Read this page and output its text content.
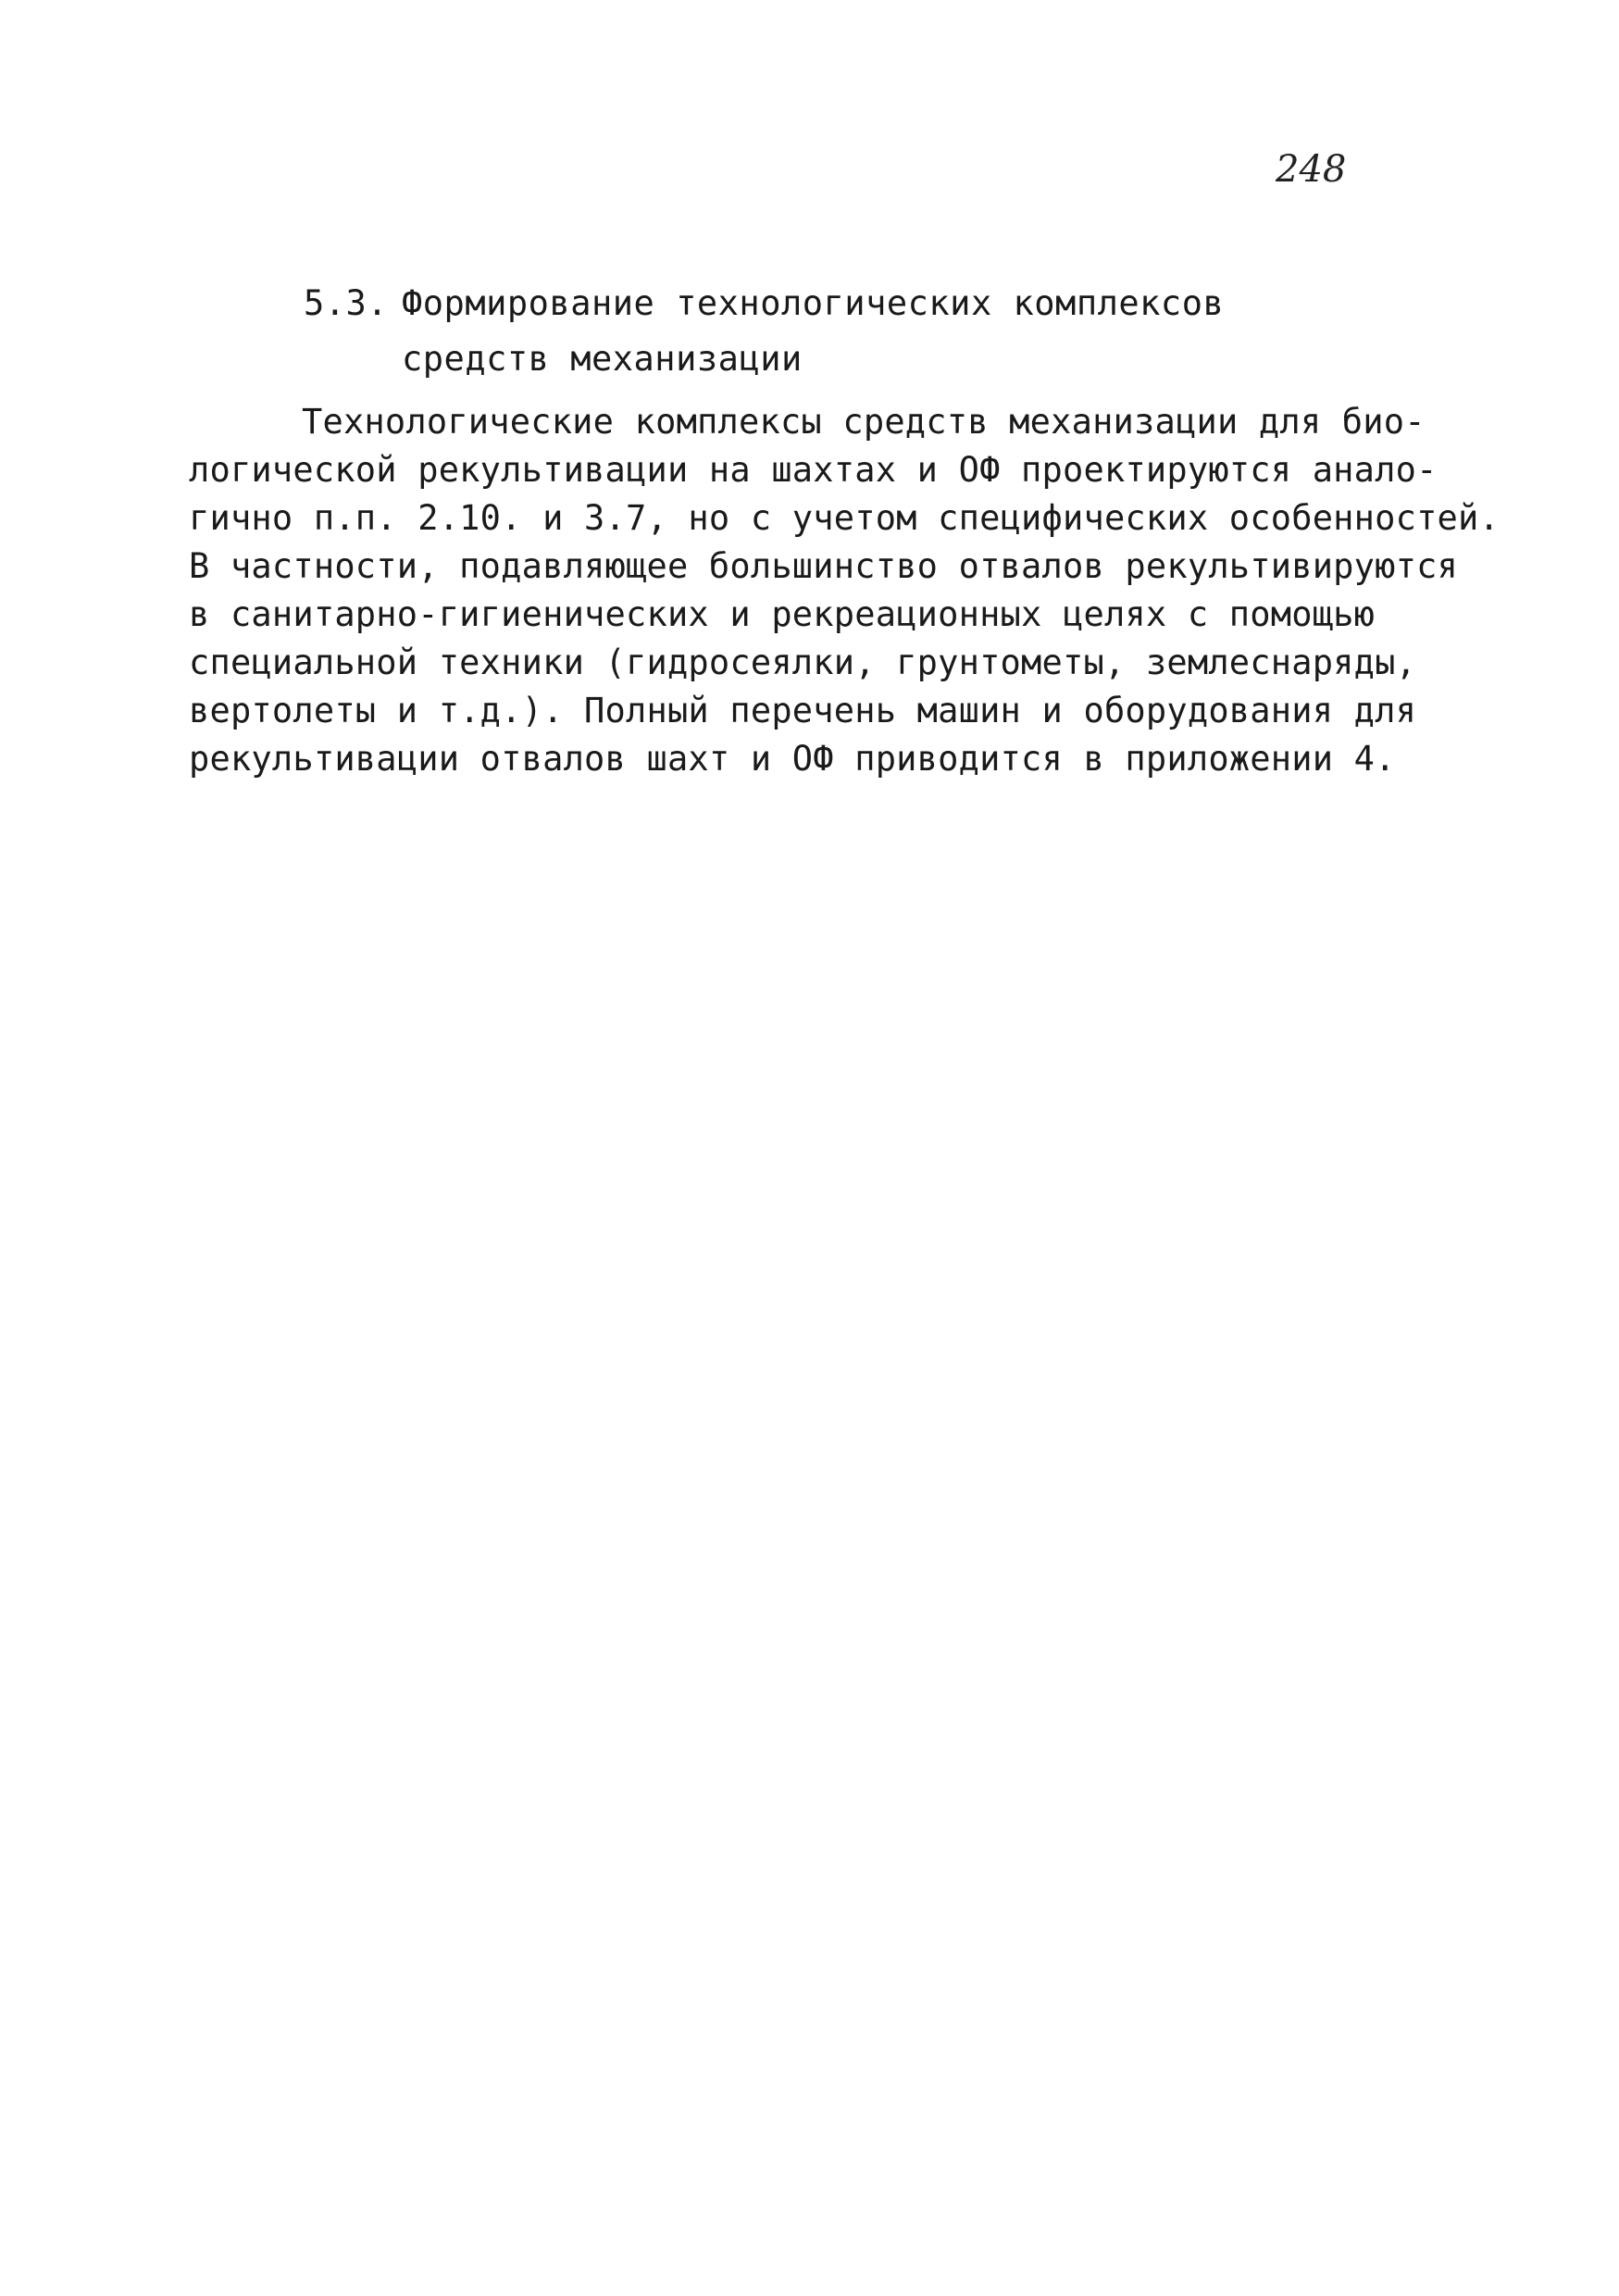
248
5.3. Формирование технологических комплексов
средств механизации
Технологические комплексы средств механизации для био-
логической рекультивации на шахтах и ОФ проектируются анало-
гично п.п. 2.10. и 3.7, но с учетом специфических особенностей.
В частности, подавляющее большинство отвалов рекультивируются
в санитарно-гигиенических и рекреационных целях с помощью
специальной техники (гидросеялки, грунтометы, землеснаряды,
вертолеты и т.д.). Полный перечень машин и оборудования для
рекультивации отвалов шахт и ОФ приводится в приложении 4.
